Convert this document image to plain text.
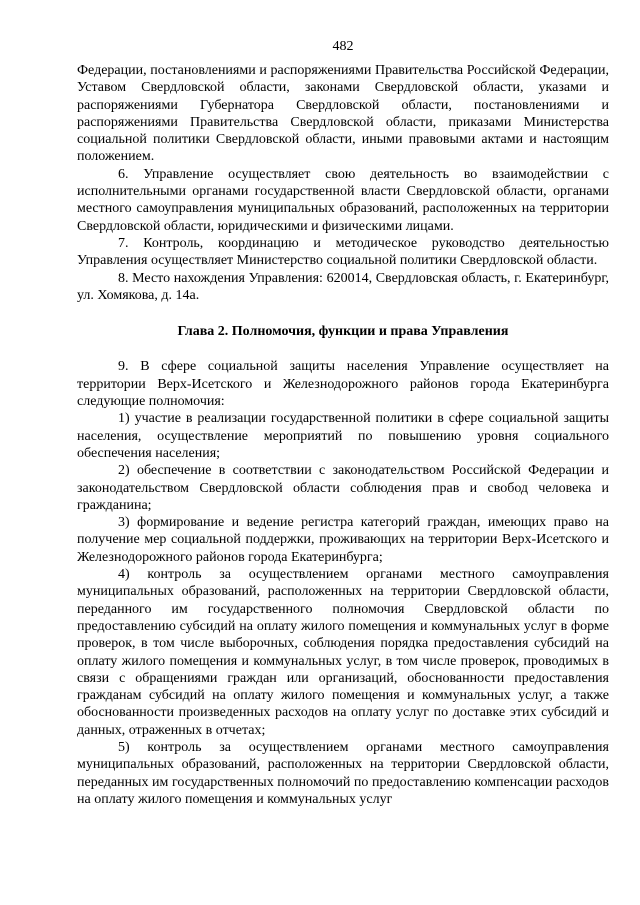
482

Федерации, постановлениями и распоряжениями Правительства Российской Федерации, Уставом Свердловской области, законами Свердловской области, указами и распоряжениями Губернатора Свердловской области, постановлениями и распоряжениями Правительства Свердловской области, приказами Министерства социальной политики Свердловской области, иными правовыми актами и настоящим положением.

6. Управление осуществляет свою деятельность во взаимодействии с исполнительными органами государственной власти Свердловской области, органами местного самоуправления муниципальных образований, расположенных на территории Свердловской области, юридическими и физическими лицами.

7. Контроль, координацию и методическое руководство деятельностью Управления осуществляет Министерство социальной политики Свердловской области.

8. Место нахождения Управления: 620014, Свердловская область, г. Екатеринбург, ул. Хомякова, д. 14а.

Глава 2. Полномочия, функции и права Управления

9. В сфере социальной защиты населения Управление осуществляет на территории Верх-Исетского и Железнодорожного районов города Екатеринбурга следующие полномочия:

1) участие в реализации государственной политики в сфере социальной защиты населения, осуществление мероприятий по повышению уровня социального обеспечения населения;

2) обеспечение в соответствии с законодательством Российской Федерации и законодательством Свердловской области соблюдения прав и свобод человека и гражданина;

3) формирование и ведение регистра категорий граждан, имеющих право на получение мер социальной поддержки, проживающих на территории Верх-Исетского и Железнодорожного районов города Екатеринбурга;

4) контроль за осуществлением органами местного самоуправления муниципальных образований, расположенных на территории Свердловской области, переданного им государственного полномочия Свердловской области по предоставлению субсидий на оплату жилого помещения и коммунальных услуг в форме проверок, в том числе выборочных, соблюдения порядка предоставления субсидий на оплату жилого помещения и коммунальных услуг, в том числе проверок, проводимых в связи с обращениями граждан или организаций, обоснованности предоставления гражданам субсидий на оплату жилого помещения и коммунальных услуг, а также обоснованности произведенных расходов на оплату услуг по доставке этих субсидий и данных, отраженных в отчетах;

5) контроль за осуществлением органами местного самоуправления муниципальных образований, расположенных на территории Свердловской области, переданных им государственных полномочий по предоставлению компенсации расходов на оплату жилого помещения и коммунальных услуг
